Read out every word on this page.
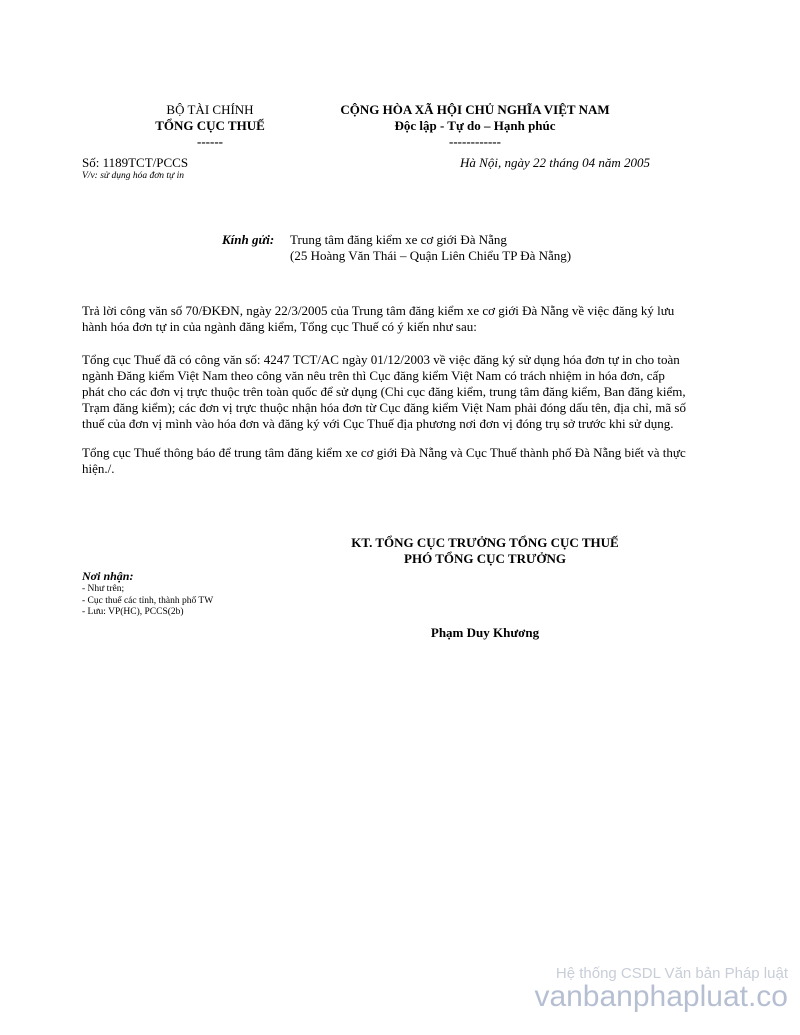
BỘ TÀI CHÍNH
TỔNG CỤC THUẾ
------
CỘNG HÒA XÃ HỘI CHỦ NGHĨA VIỆT NAM
Độc lập - Tự do – Hạnh phúc
------------
Số: 1189TCT/PCCS
V/v: sử dụng hóa đơn tự in
Hà Nội, ngày 22 tháng 04 năm 2005
Kính gửi: Trung tâm đăng kiểm xe cơ giới Đà Nẵng
(25 Hoàng Văn Thái – Quận Liên Chiểu TP Đà Nẵng)
Trả lời công văn số 70/ĐKĐN, ngày 22/3/2005 của Trung tâm đăng kiểm xe cơ giới Đà Nẵng về việc đăng ký lưu
hành hóa đơn tự in của ngành đăng kiểm, Tổng cục Thuế có ý kiến như sau:
Tổng cục Thuế đã có công văn số: 4247 TCT/AC ngày 01/12/2003 về việc đăng ký sử dụng hóa đơn tự in cho toàn
ngành Đăng kiểm Việt Nam theo công văn nêu trên thì Cục đăng kiểm Việt Nam có trách nhiệm in hóa đơn, cấp
phát cho các đơn vị trực thuộc trên toàn quốc để sử dụng (Chi cục đăng kiểm, trung tâm đăng kiểm, Ban đăng kiểm,
Trạm đăng kiểm); các đơn vị trực thuộc nhận hóa đơn từ Cục đăng kiểm Việt Nam phải đóng dấu tên, địa chỉ, mã số
thuế của đơn vị mình vào hóa đơn và đăng ký với Cục Thuế địa phương nơi đơn vị đóng trụ sở trước khi sử dụng.
Tổng cục Thuế thông báo để trung tâm đăng kiểm xe cơ giới Đà Nẵng và Cục Thuế thành phố Đà Nẵng biết và thực
hiện./.
KT. TỔNG CỤC TRƯỞNG TỔNG CỤC THUẾ
PHÓ TỔNG CỤC TRƯỞNG
Phạm Duy Khương
Nơi nhận:
- Như trên;
- Cục thuế các tỉnh, thành phố TW
- Lưu: VP(HC), PCCS(2b)
Hệ thống CSDL Văn bản Pháp luật
vanbanphapluat.co
